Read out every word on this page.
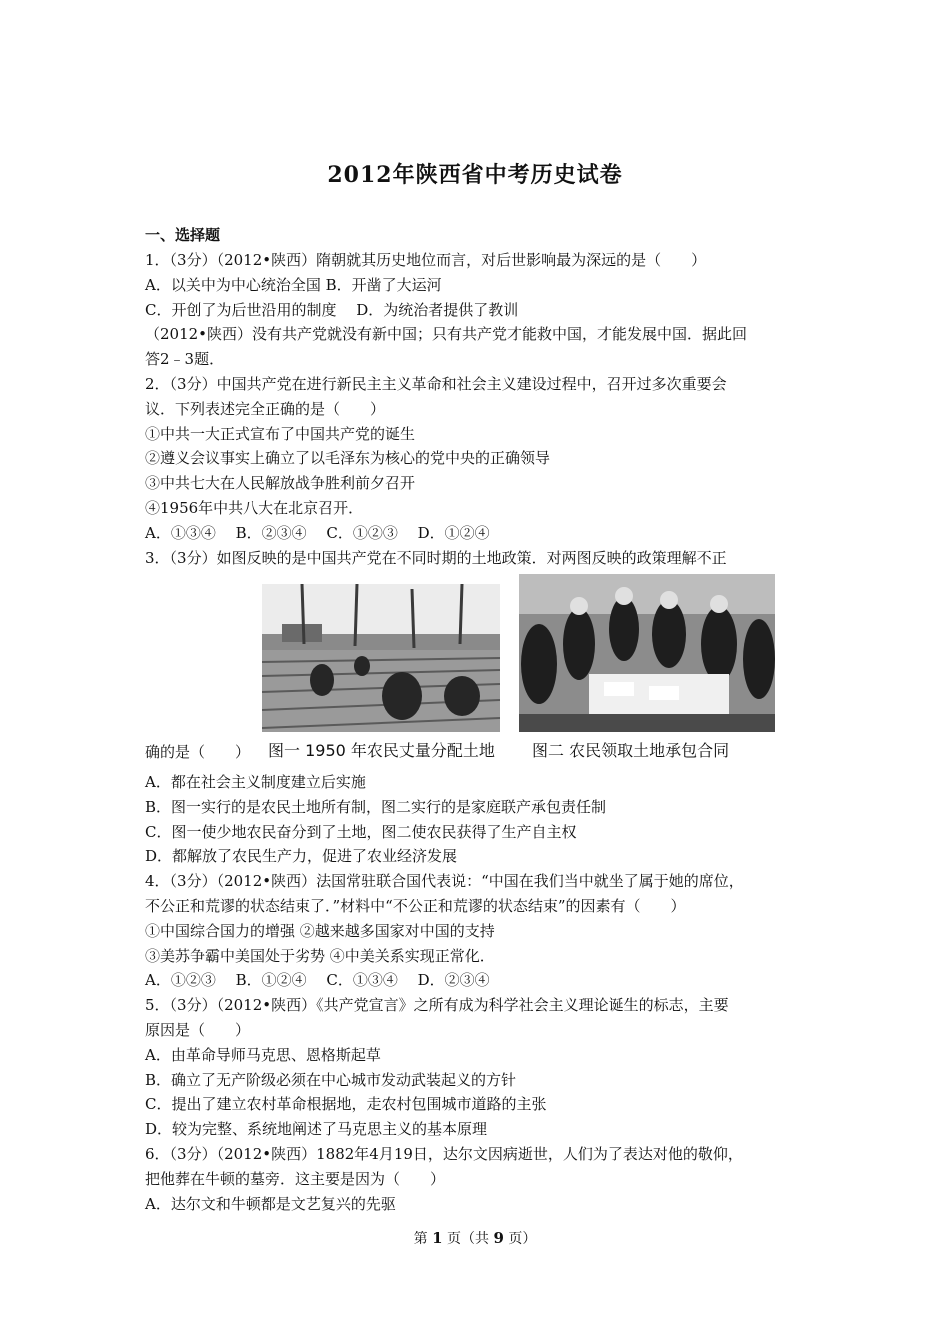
2012年陕西省中考历史试卷
一、选择题
1．（3分）（2012•陕西）隋朝就其历史地位而言，对后世影响最为深远的是（　　）
A．以关中为中心统治全国 B．开凿了大运河
C．开创了为后世沿用的制度　 D．为统治者提供了教训
（2012•陕西）没有共产党就没有新中国；只有共产党才能救中国，才能发展中国．据此回
答2﹣3题．
2．（3分）中国共产党在进行新民主主义革命和社会主义建设过程中，召开过多次重要会
议．下列表述完全正确的是（　　）
①中共一大正式宣布了中国共产党的诞生
②遵义会议事实上确立了以毛泽东为核心的党中央的正确领导
③中共七大在人民解放战争胜利前夕召开
④1956年中共八大在北京召开．
A．①③④　 B．②③④　 C．①②③　 D．①②④
3．（3分）如图反映的是中国共产党在不同时期的土地政策．对两图反映的政策理解不正
确的是（　　） 图一 1950 年农民丈量分配土地 图二 农民领取土地承包合同
A．都在社会主义制度建立后实施
B．图一实行的是农民土地所有制，图二实行的是家庭联产承包责任制
C．图一使少地农民奋分到了土地，图二使农民获得了生产自主权
D．都解放了农民生产力，促进了农业经济发展
4．（3分）（2012•陕西）法国常驻联合国代表说：“中国在我们当中就坐了属于她的席位，
不公正和荒谬的状态结束了．”材料中“不公正和荒谬的状态结束”的因素有（　　）
①中国综合国力的增强 ②越来越多国家对中国的支持
③美苏争霸中美国处于劣势 ④中美关系实现正常化．
A．①②③　 B．①②④　 C．①③④　 D．②③④
5．（3分）（2012•陕西）《共产党宣言》之所有成为科学社会主义理论诞生的标志，主要
原因是（　　）
A．由革命导师马克思、恩格斯起草
B．确立了无产阶级必须在中心城市发动武装起义的方针
C．提出了建立农村革命根据地，走农村包围城市道路的主张
D．较为完整、系统地阐述了马克思主义的基本原理
6．（3分）（2012•陕西）1882年4月19日，达尔文因病逝世，人们为了表达对他的敬仰，
把他葬在牛顿的墓旁．这主要是因为（　　）
A．达尔文和牛顿都是文艺复兴的先驱
第 1 页（共 9 页）
